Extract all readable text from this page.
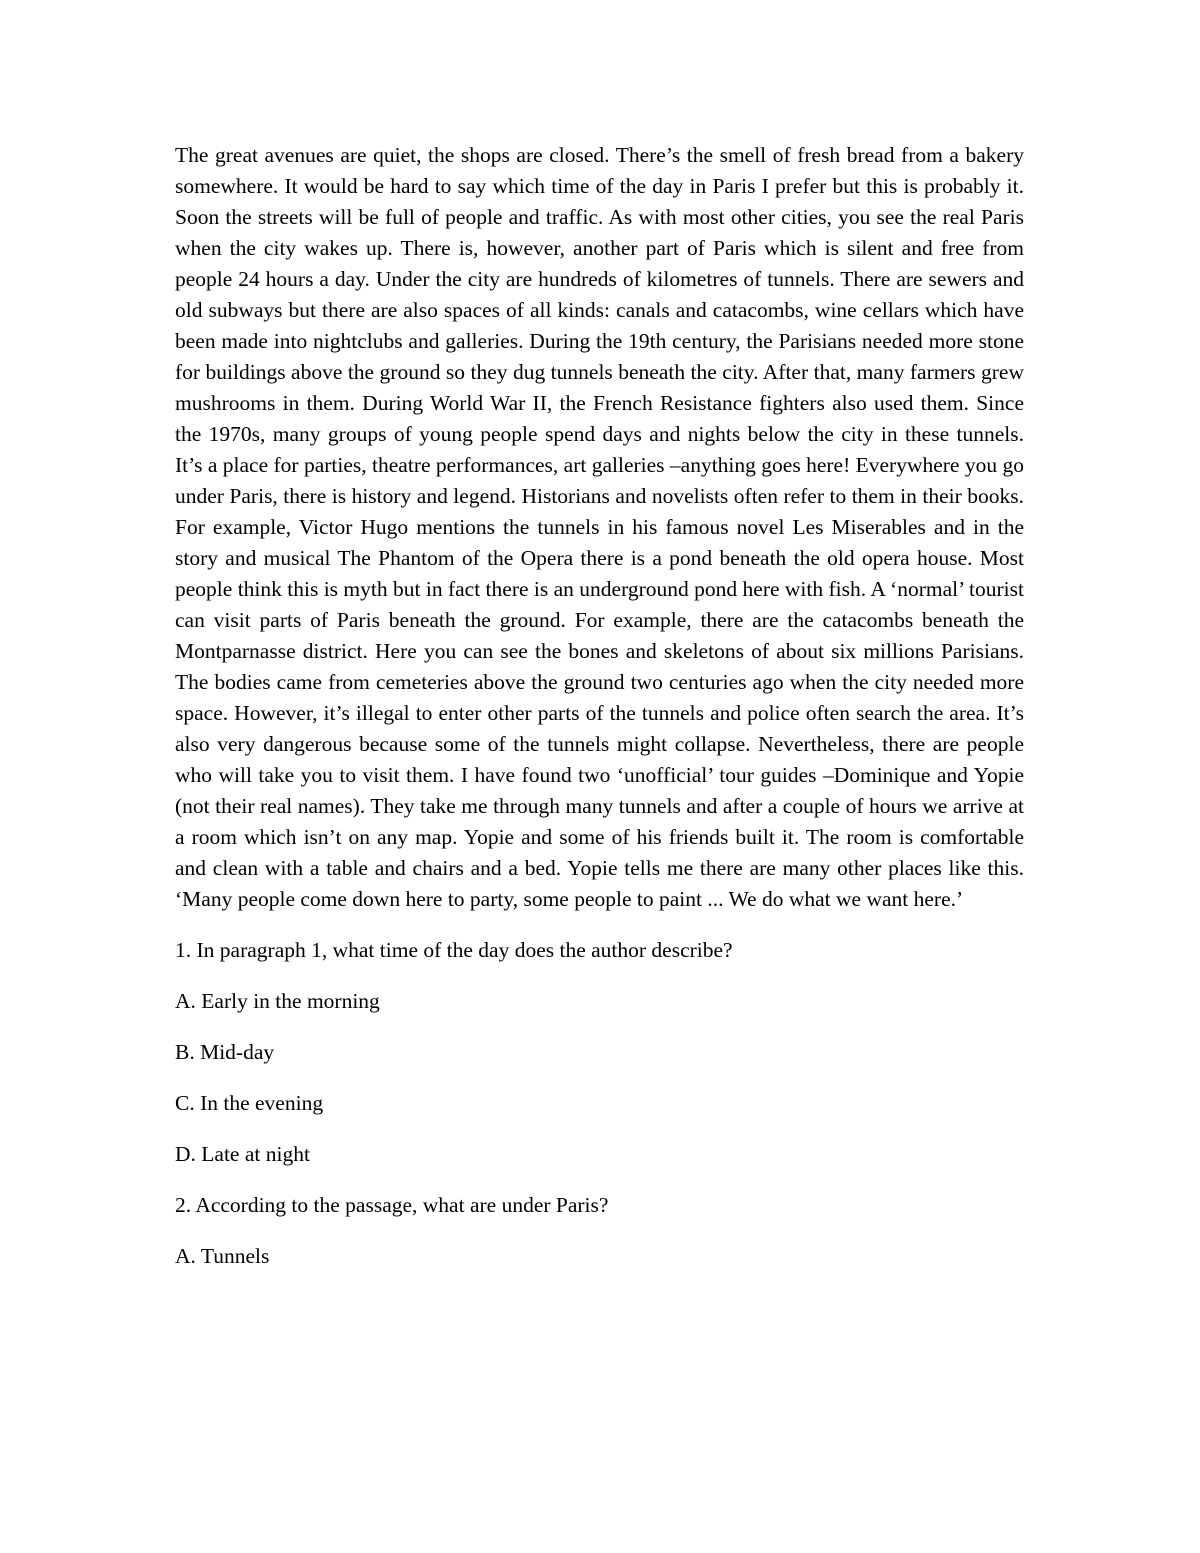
The great avenues are quiet, the shops are closed. There’s the smell of fresh bread from a bakery somewhere. It would be hard to say which time of the day in Paris I prefer but this is probably it. Soon the streets will be full of people and traffic. As with most other cities, you see the real Paris when the city wakes up. There is, however, another part of Paris which is silent and free from people 24 hours a day. Under the city are hundreds of kilometres of tunnels. There are sewers and old subways but there are also spaces of all kinds: canals and catacombs, wine cellars which have been made into nightclubs and galleries. During the 19th century, the Parisians needed more stone for buildings above the ground so they dug tunnels beneath the city. After that, many farmers grew mushrooms in them. During World War II, the French Resistance fighters also used them. Since the 1970s, many groups of young people spend days and nights below the city in these tunnels. It’s a place for parties, theatre performances, art galleries –anything goes here! Everywhere you go under Paris, there is history and legend. Historians and novelists often refer to them in their books. For example, Victor Hugo mentions the tunnels in his famous novel Les Miserables and in the story and musical The Phantom of the Opera there is a pond beneath the old opera house. Most people think this is myth but in fact there is an underground pond here with fish. A ‘normal’ tourist can visit parts of Paris beneath the ground. For example, there are the catacombs beneath the Montparnasse district. Here you can see the bones and skeletons of about six millions Parisians. The bodies came from cemeteries above the ground two centuries ago when the city needed more space. However, it’s illegal to enter other parts of the tunnels and police often search the area. It’s also very dangerous because some of the tunnels might collapse. Nevertheless, there are people who will take you to visit them. I have found two ‘unofficial’ tour guides –Dominique and Yopie (not their real names). They take me through many tunnels and after a couple of hours we arrive at a room which isn’t on any map. Yopie and some of his friends built it. The room is comfortable and clean with a table and chairs and a bed. Yopie tells me there are many other places like this. ‘Many people come down here to party, some people to paint ... We do what we want here.’

1. In paragraph 1, what time of the day does the author describe?

A. Early in the morning

B. Mid-day

C. In the evening

D. Late at night

2. According to the passage, what are under Paris?

A. Tunnels
